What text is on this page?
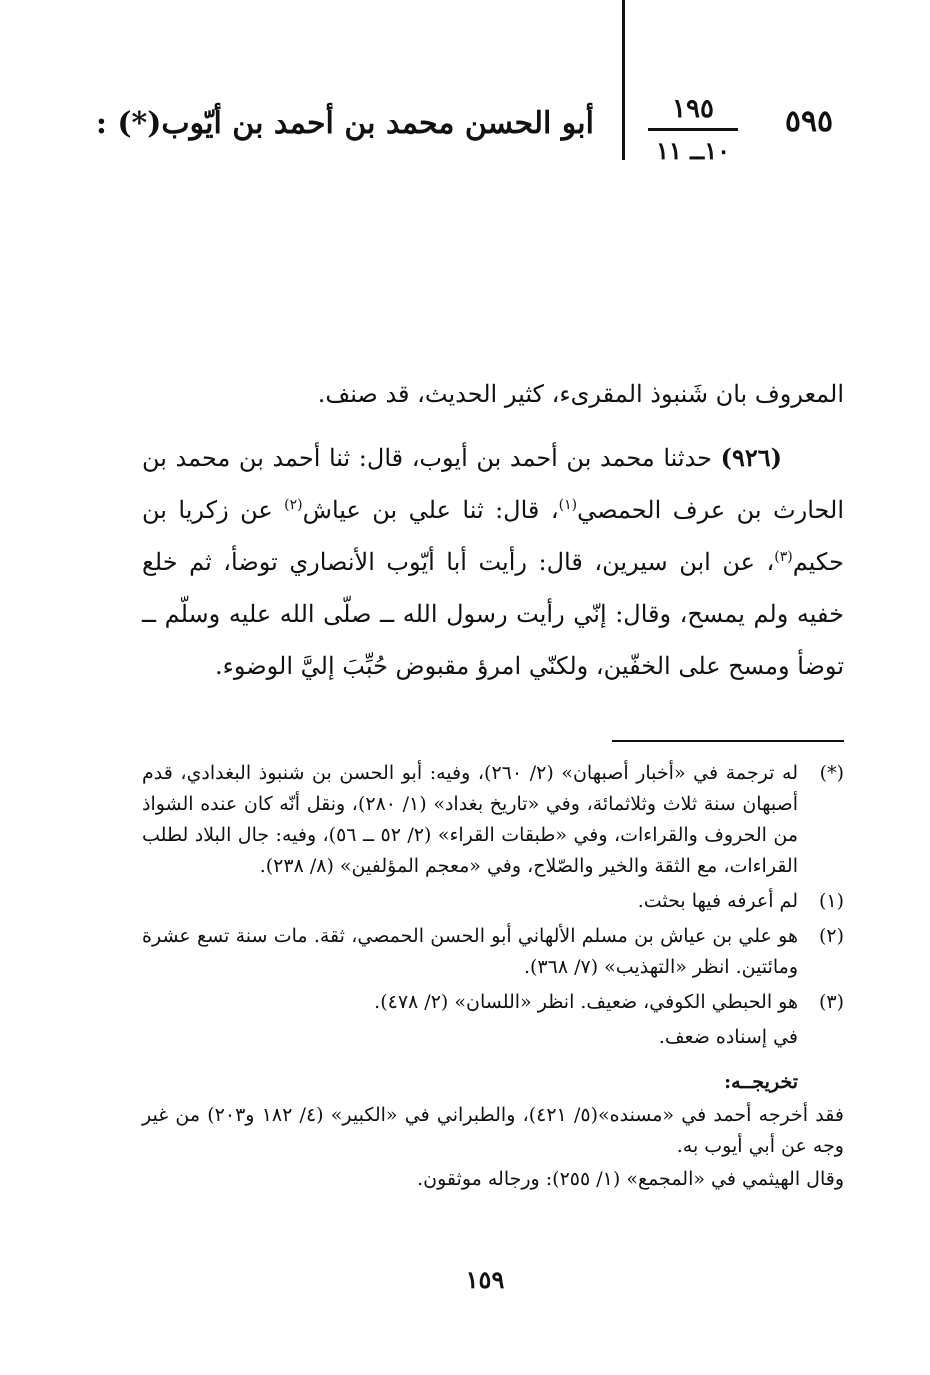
٥٩٥
١٩٥
١٠ــ ١١
أبو الحسن محمد بن أحمد بن أيّوب(*) :
المعروف بان شَنبوذ المقرىء، كثير الحديث، قد صنف.
(٩٢٦) حدثنا محمد بن أحمد بن أيوب، قال: ثنا أحمد بن محمد بن الحارث بن عرف الحمصي$^{(١)}$، قال: ثنا علي بن عياش$^{(٢)}$ عن زكريا بن حكيم$^{(٣)}$، عن ابن سيرين، قال: رأيت أبا أيّوب الأنصاري توضأ، ثم خلع خفيه ولم يمسح، وقال: إنّي رأيت رسول الله ــ صلّى الله عليه وسلّم ــ توضأ ومسح على الخفّين، ولكنّي امرؤ مقبوض حُبِّبَ إليَّ الوضوء.
(*)
له ترجمة في «أخبار أصبهان» (٢/ ٢٦٠)، وفيه: أبو الحسن بن شنبوذ البغدادي، قدم أصبهان سنة ثلاث وثلاثمائة، وفي «تاريخ بغداد» (١/ ٢٨٠)، ونقل أنّه كان عنده الشواذ من الحروف والقراءات، وفي «طبقات القراء» (٢/ ٥٢ ــ ٥٦)، وفيه: جال البلاد لطلب القراءات، مع الثقة والخير والصّلاح، وفي «معجم المؤلفين» (٨/ ٢٣٨).
(١)
لم أعرفه فيها بحثت.
(٢)
هو علي بن عياش بن مسلم الألهاني أبو الحسن الحمصي، ثقة. مات سنة تسع عشرة ومائتين. انظر «التهذيب» (٧/ ٣٦٨).
(٣)
هو الحبطي الكوفي، ضعيف. انظر «اللسان» (٢/ ٤٧٨).
في إسناده ضعف.
تخريجــه:
فقد أخرجه أحمد في «مسنده»(٥/ ٤٢١)، والطبراني في «الكبير» (٤/ ١٨٢ و٢٠٣) من غير وجه عن أبي أيوب به.
وقال الهيثمي في «المجمع» (١/ ٢٥٥): ورجاله موثقون.
١٥٩
